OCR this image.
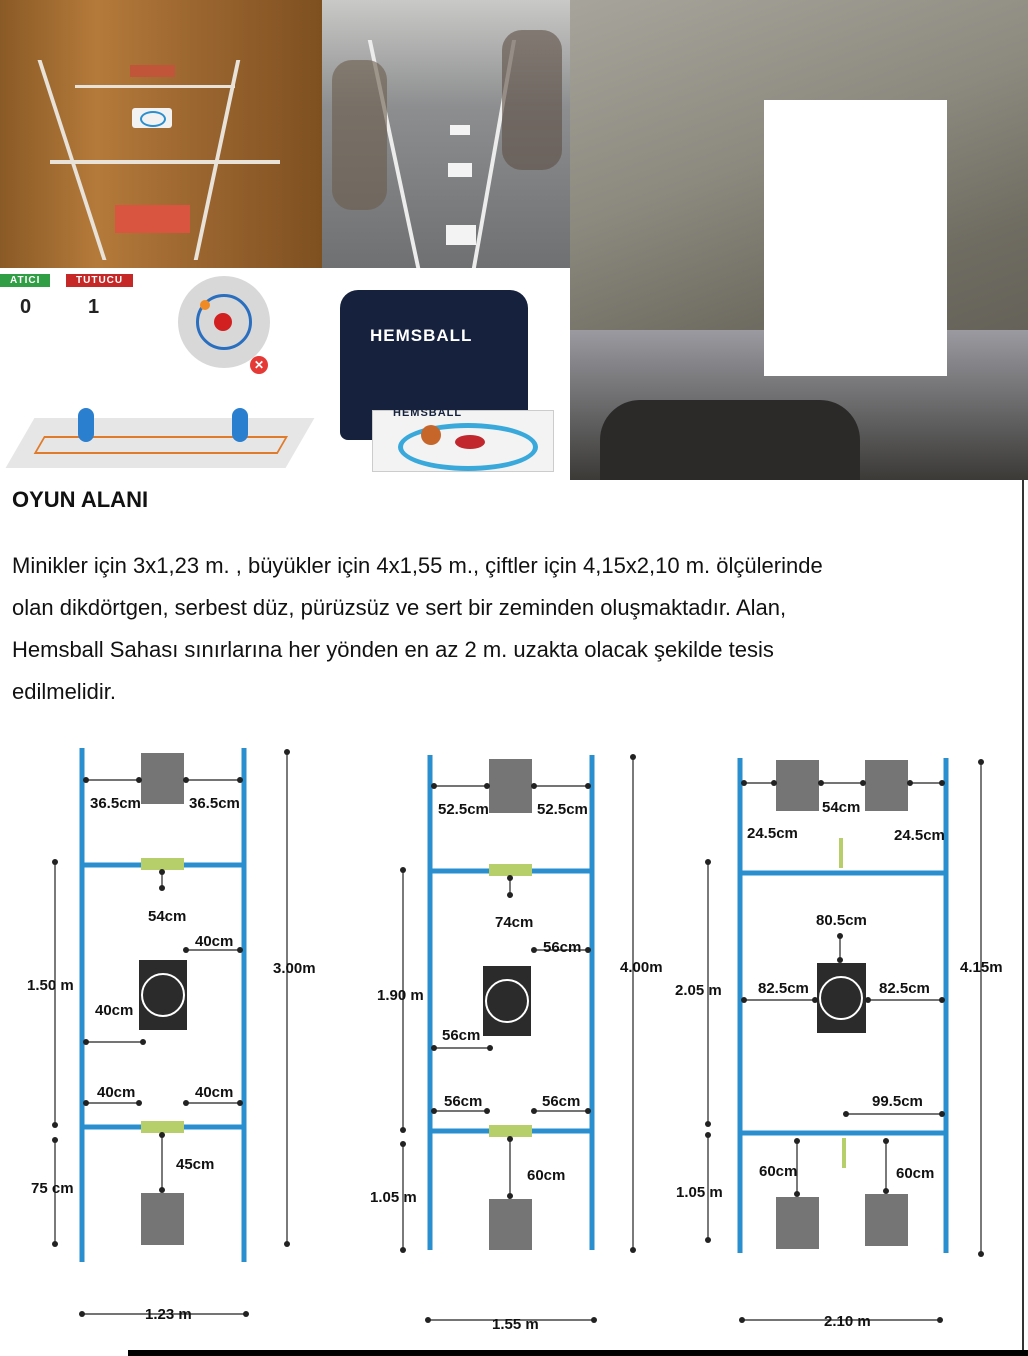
ATICI	TUTUCU
0	1
✕
HEMSBALL
HEMSBALL
OYUN ALANI
Minikler için 3x1,23 m. , büyükler için 4x1,55 m., çiftler için 4,15x2,10 m. ölçülerinde
olan dikdörtgen, serbest düz, pürüzsüz ve sert bir zeminden oluşmaktadır. Alan,
Hemsball Sahası sınırlarına her yönden en az 2 m. uzakta olacak şekilde tesis
edilmelidir.
36.5cm	36.5cm
54cm
40cm
40cm
40cm	40cm
45cm
1.50 m
75 cm
3.00m
1.23 m
52.5cm	52.5cm
74cm
56cm
56cm
56cm	56cm
60cm
1.90 m
1.05 m
4.00m
1.55 m
54cm
24.5cm	24.5cm
80.5cm
82.5cm	82.5cm
99.5cm
60cm	60cm
2.05 m
1.05 m
4.15m
2.10 m
